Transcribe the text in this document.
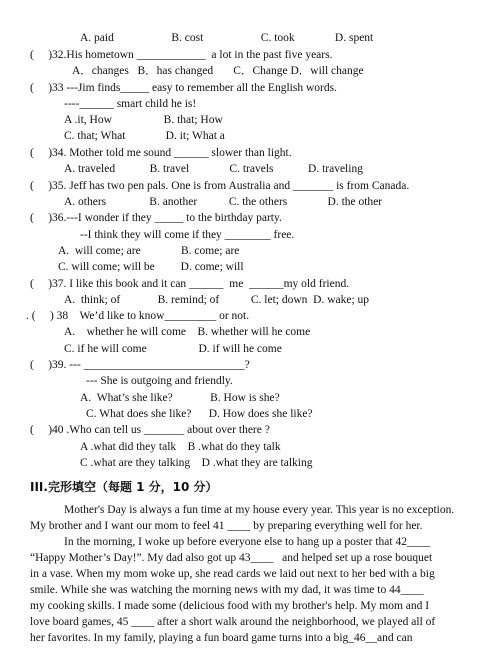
A. paid                    B. cost                    C. took              D. spent
(     )32.His hometown ____________  a lot in the past five years.
A．changes   B．has changed       C．Change D．will change
(     )33 ---Jim finds_____ easy to remember all the English words.
----______ smart child he is!
A .it, How                  B. that; How
C. that; What              D. it; What a
(     )34. Mother told me sound ______ slower than light.
A. traveled            B. travel              C. travels            D. traveling
(     )35. Jeff has two pen pals. One is from Australia and _______ is from Canada.
A. others               B. another           C. the others              D. the other
(     )36.---I wonder if they _____ to the birthday party.
--I think they will come if they ________ free.
A.  will come; are              B. come; are
C. will come; will be         D. come; will
(     )37. I like this book and it can ______  me  ______my old friend.
A.  think; of             B. remind; of           C. let; down  D. wake; up
. (     ) 38    We’d like to know_________ or not.
A.    whether he will come    B. whether will he come
C. if he will come                  D. if will he come
(     )39. --- ____________________________?
--- She is outgoing and friendly.
A.  What’s she like?             B. How is she?
C. What does she like?      D. How does she like?
(     )40 .Who can tell us _______ about over there ?
A .what did they talk    B .what do they talk
C .what are they talking    D .what they are talking
III.完形填空（每题 1 分，10 分）
Mother's Day is always a fun time at my house every year. This year is no exception.
My brother and I want our mom to feel 41 ____ by preparing everything well for her.
In the morning, I woke up before everyone else to hang up a poster that 42____
“Happy Mother’s Day!”. My dad also got up 43____   and helped set up a rose bouquet
in a vase. When my mom woke up, she read cards we laid out next to her bed with a big
smile. While she was watching the morning news with my dad, it was time to 44____
my cooking skills. I made some (delicious food with my brother's help. My mom and I
love board games, 45 ____ after a short walk around the neighborhood, we played all of
her favorites. In my family, playing a fun board game turns into a big_46__and can
